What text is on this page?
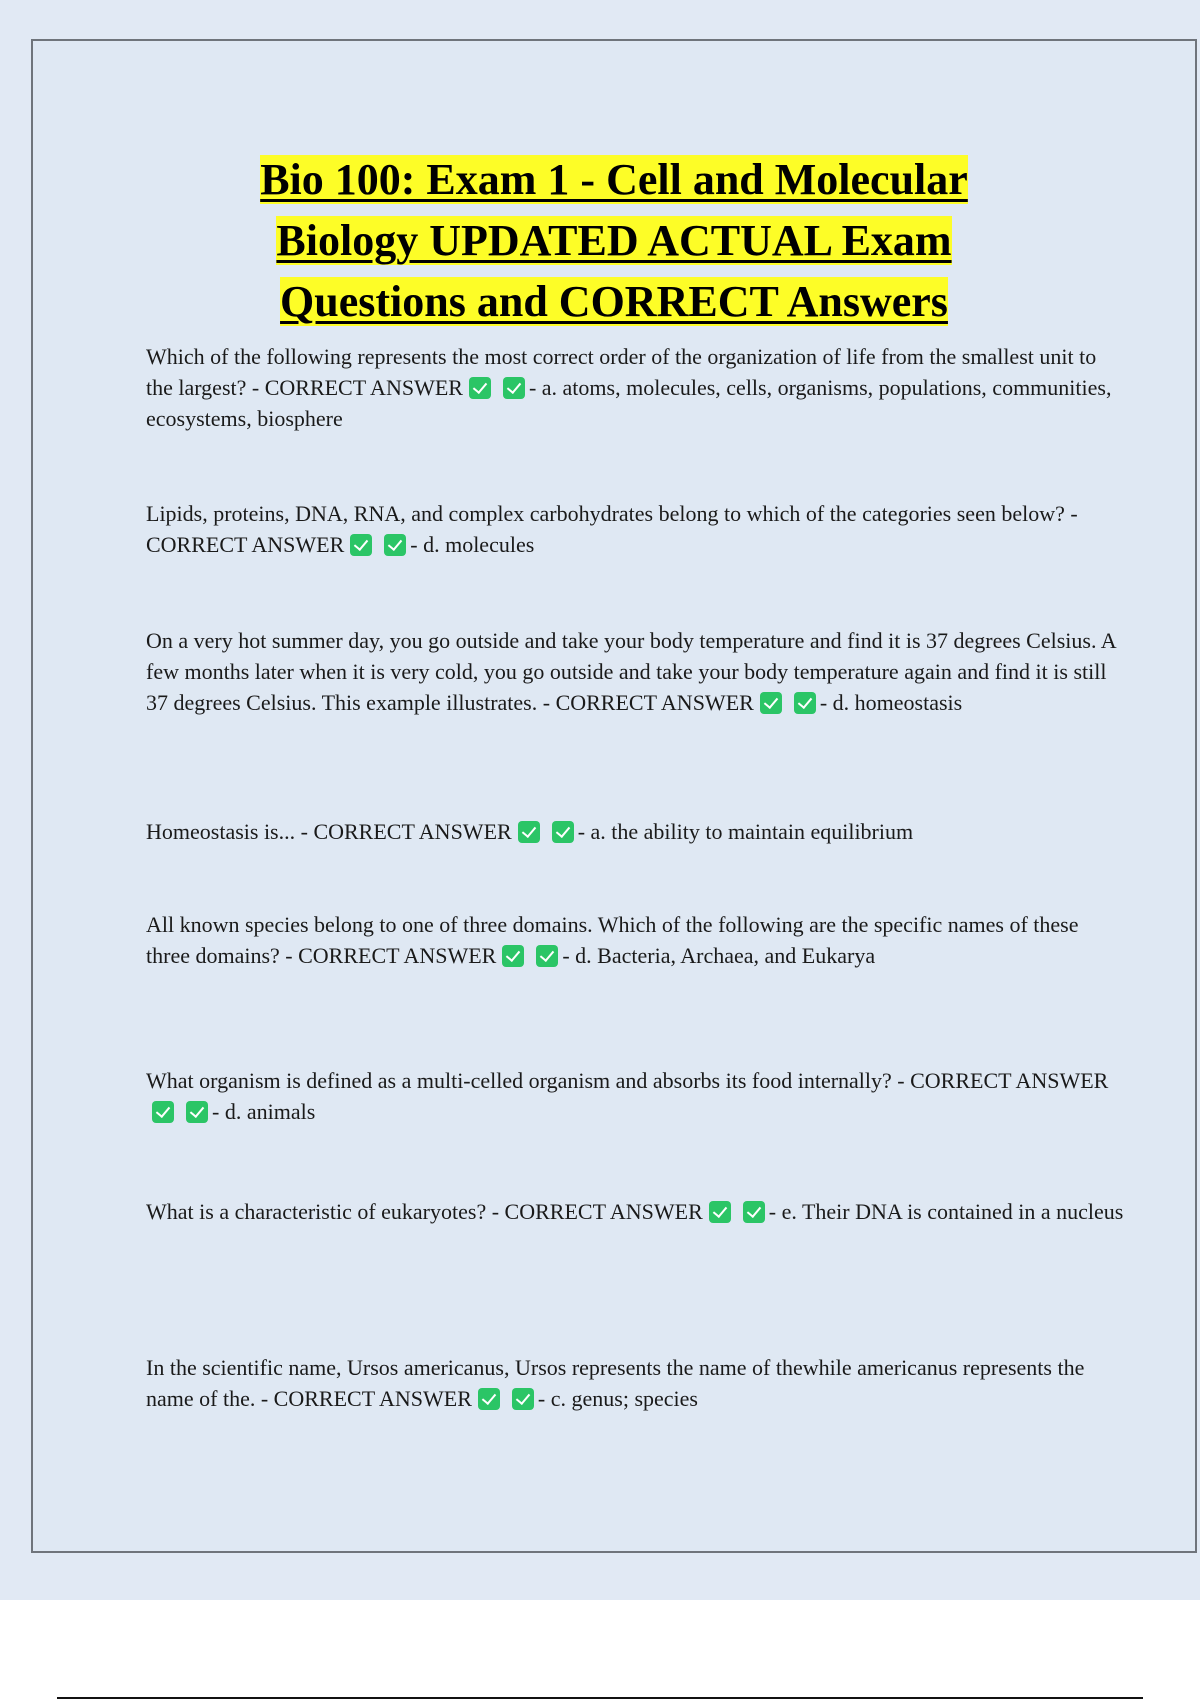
Bio 100: Exam 1 - Cell and Molecular Biology UPDATED ACTUAL Exam Questions and CORRECT Answers

Which of the following represents the most correct order of the organization of life from the smallest unit to the largest? - CORRECT ANSWER	- a. atoms, molecules, cells, organisms, populations, communities, ecosystems, biosphere

Lipids, proteins, DNA, RNA, and complex carbohydrates belong to which of the categories seen below? - CORRECT ANSWER	- d. molecules

On a very hot summer day, you go outside and take your body temperature and find it is 37 degrees Celsius. A few months later when it is very cold, you go outside and take your body temperature again and find it is still 37 degrees Celsius. This example illustrates. - CORRECT ANSWER	- d. homeostasis

Homeostasis is... - CORRECT ANSWER	- a. the ability to maintain equilibrium

All known species belong to one of three domains. Which of the following are the specific names of these three domains? - CORRECT ANSWER	- d. Bacteria, Archaea, and Eukarya

What organism is defined as a multi-celled organism and absorbs its food internally? - CORRECT ANSWER- d. animals

What is a characteristic of eukaryotes? - CORRECT ANSWER	- e. Their DNA is contained in a nucleus

In the scientific name, Ursos americanus, Ursos represents the name of thewhile americanus represents the name of the. - CORRECT ANSWER	- c. genus; species
